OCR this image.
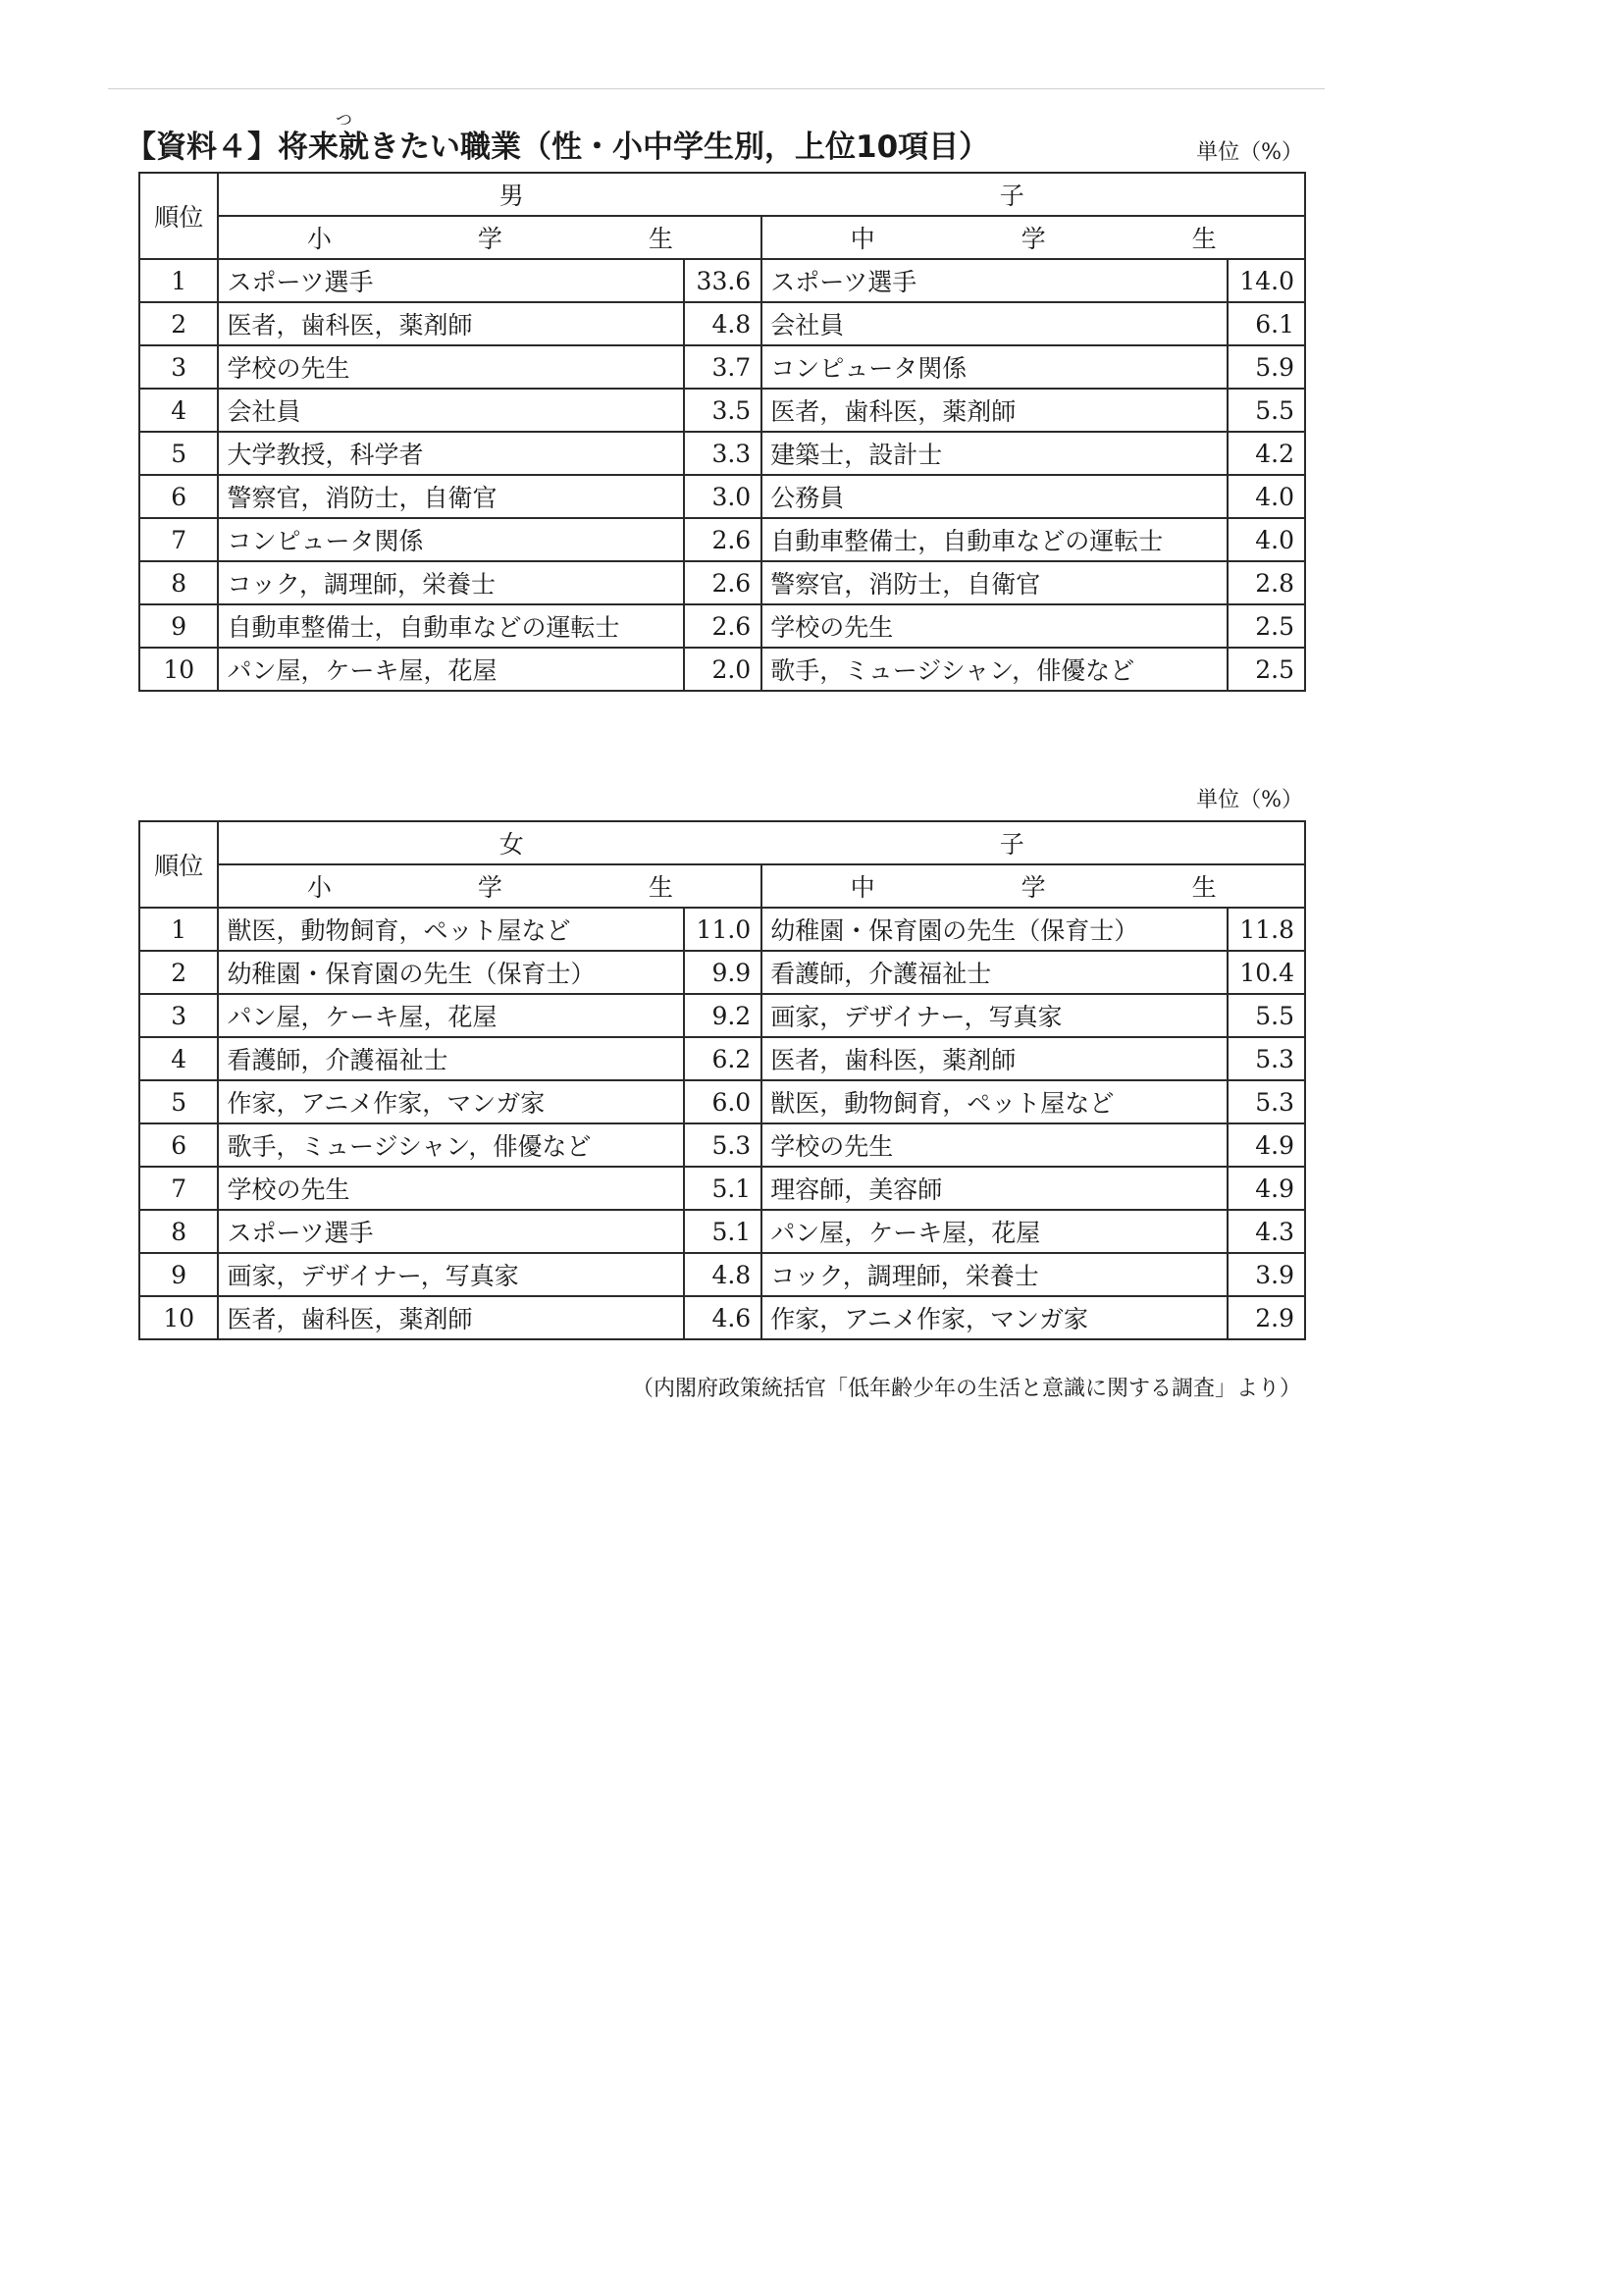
つ
【資料４】将来就きたい職業（性・小中学生別，上位10項目）	単位（%）
順位	男　子			
	小　学　生		中　学　生	
1	スポーツ選手	33.6	スポーツ選手	14.0
2	医者，歯科医，薬剤師	4.8	会社員	6.1
3	学校の先生	3.7	コンピュータ関係	5.9
4	会社員	3.5	医者，歯科医，薬剤師	5.5
5	大学教授，科学者	3.3	建築士，設計士	4.2
6	警察官，消防士，自衛官	3.0	公務員	4.0
7	コンピュータ関係	2.6	自動車整備士，自動車などの運転士	4.0
8	コック，調理師，栄養士	2.6	警察官，消防士，自衛官	2.8
9	自動車整備士，自動車などの運転士	2.6	学校の先生	2.5
10	パン屋，ケーキ屋，花屋	2.0	歌手，ミュージシャン，俳優など	2.5
単位（%）
順位	女　子			
	小　学　生		中　学　生	
1	獣医，動物飼育，ペット屋など	11.0	幼稚園・保育園の先生（保育士）	11.8
2	幼稚園・保育園の先生（保育士）	9.9	看護師，介護福祉士	10.4
3	パン屋，ケーキ屋，花屋	9.2	画家，デザイナー，写真家	5.5
4	看護師，介護福祉士	6.2	医者，歯科医，薬剤師	5.3
5	作家，アニメ作家，マンガ家	6.0	獣医，動物飼育，ペット屋など	5.3
6	歌手，ミュージシャン，俳優など	5.3	学校の先生	4.9
7	学校の先生	5.1	理容師，美容師	4.9
8	スポーツ選手	5.1	パン屋，ケーキ屋，花屋	4.3
9	画家，デザイナー，写真家	4.8	コック，調理師，栄養士	3.9
10	医者，歯科医，薬剤師	4.6	作家，アニメ作家，マンガ家	2.9
（内閣府政策統括官「低年齢少年の生活と意識に関する調査」より）
